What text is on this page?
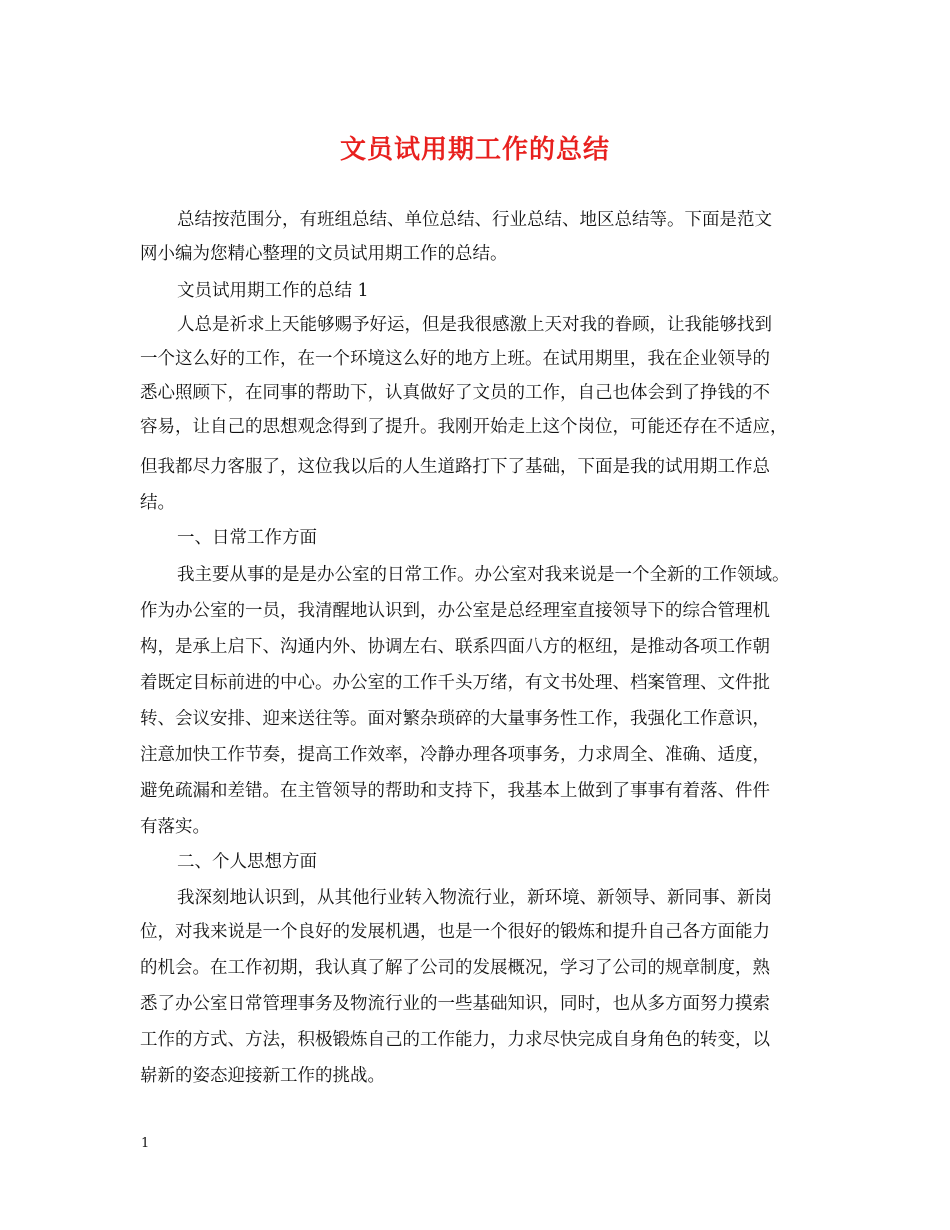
文员试用期工作的总结
总结按范围分，有班组总结、单位总结、行业总结、地区总结等。下面是范文
网小编为您精心整理的文员试用期工作的总结。
文员试用期工作的总结 1
人总是祈求上天能够赐予好运，但是我很感激上天对我的眷顾，让我能够找到
一个这么好的工作，在一个环境这么好的地方上班。在试用期里，我在企业领导的
悉心照顾下，在同事的帮助下，认真做好了文员的工作，自己也体会到了挣钱的不
容易，让自己的思想观念得到了提升。我刚开始走上这个岗位，可能还存在不适应，
但我都尽力客服了，这位我以后的人生道路打下了基础，下面是我的试用期工作总
结。
一、日常工作方面
我主要从事的是是办公室的日常工作。办公室对我来说是一个全新的工作领域。
作为办公室的一员，我清醒地认识到，办公室是总经理室直接领导下的综合管理机
构，是承上启下、沟通内外、协调左右、联系四面八方的枢纽，是推动各项工作朝
着既定目标前进的中心。办公室的工作千头万绪，有文书处理、档案管理、文件批
转、会议安排、迎来送往等。面对繁杂琐碎的大量事务性工作，我强化工作意识，
注意加快工作节奏，提高工作效率，冷静办理各项事务，力求周全、准确、适度，
避免疏漏和差错。在主管领导的帮助和支持下，我基本上做到了事事有着落、件件
有落实。
二、个人思想方面
我深刻地认识到，从其他行业转入物流行业，新环境、新领导、新同事、新岗
位，对我来说是一个良好的发展机遇，也是一个很好的锻炼和提升自己各方面能力
的机会。在工作初期，我认真了解了公司的发展概况，学习了公司的规章制度，熟
悉了办公室日常管理事务及物流行业的一些基础知识，同时，也从多方面努力摸索
工作的方式、方法，积极锻炼自己的工作能力，力求尽快完成自身角色的转变，以
崭新的姿态迎接新工作的挑战。
1
